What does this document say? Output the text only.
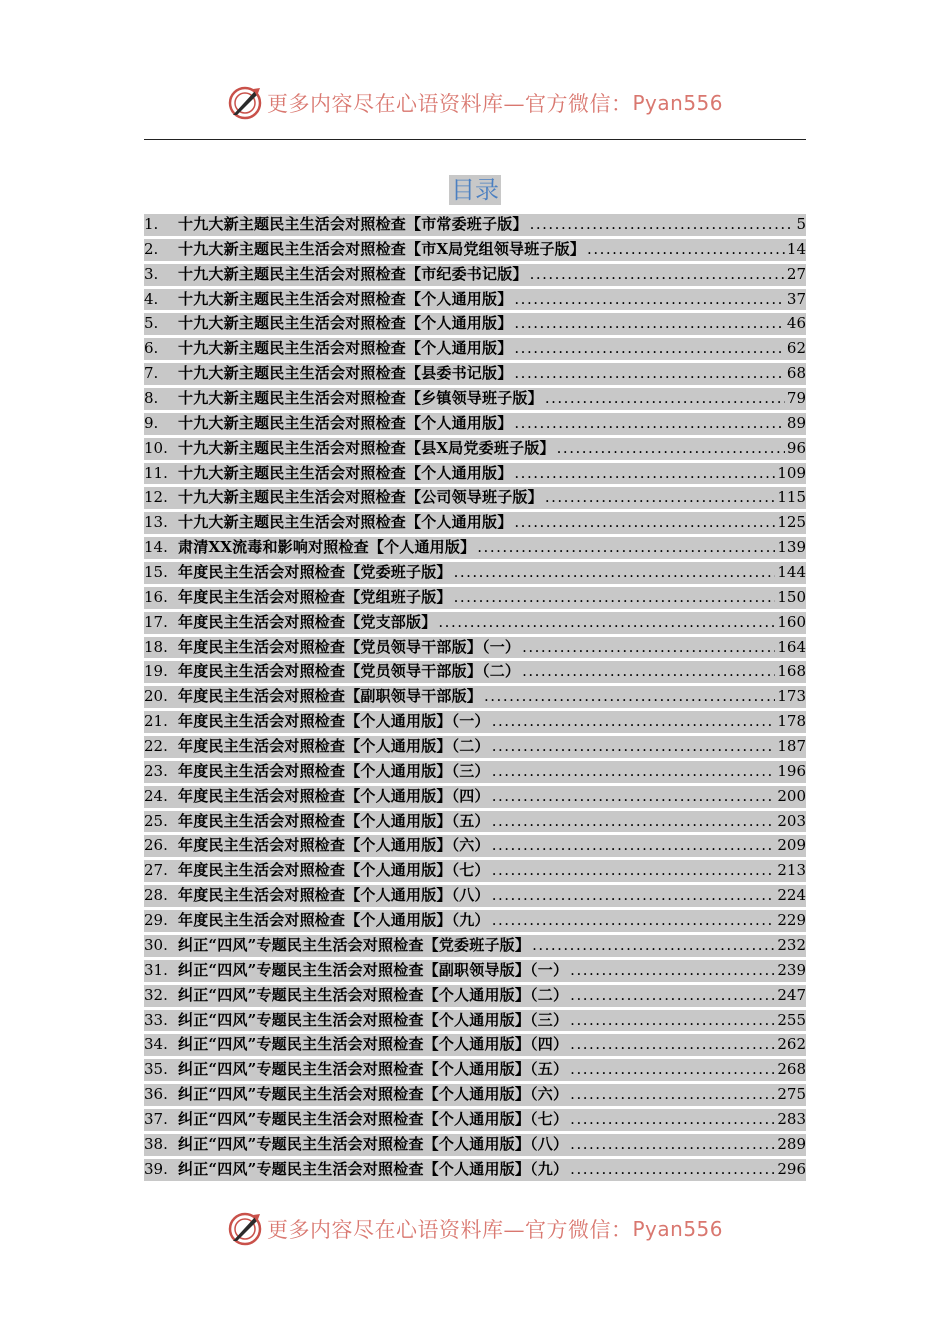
更多内容尽在心语资料库—官方微信： Pyan556
目录
1.	十九大新主题民主生活会对照检查【市常委班子版】 .....	5
2.	十九大新主题民主生活会对照检查【市X局党组领导班子版】 .....	14
3.	十九大新主题民主生活会对照检查【市纪委书记版】 .....	27
4.	十九大新主题民主生活会对照检查【个人通用版】 .....	37
5.	十九大新主题民主生活会对照检查【个人通用版】 .....	46
6.	十九大新主题民主生活会对照检查【个人通用版】 .....	62
7.	十九大新主题民主生活会对照检查【县委书记版】 .....	68
8.	十九大新主题民主生活会对照检查【乡镇领导班子版】 .....	79
9.	十九大新主题民主生活会对照检查【个人通用版】 .....	89
10. 十九大新主题民主生活会对照检查【县X局党委班子版】 .....	96
11. 十九大新主题民主生活会对照检查【个人通用版】 .....	109
12. 十九大新主题民主生活会对照检查【公司领导班子版】 .....	115
13. 十九大新主题民主生活会对照检查【个人通用版】 .....	125
14. 肃清XX流毒和影响对照检查【个人通用版】 .....	139
15. 年度民主生活会对照检查【党委班子版】 .....	144
16. 年度民主生活会对照检查【党组班子版】 .....	150
17. 年度民主生活会对照检查【党支部版】 .....	160
18. 年度民主生活会对照检查【党员领导干部版】（一） .....	164
19. 年度民主生活会对照检查【党员领导干部版】（二） .....	168
20. 年度民主生活会对照检查【副职领导干部版】 .....	173
21. 年度民主生活会对照检查【个人通用版】（一） .....	178
22. 年度民主生活会对照检查【个人通用版】（二） .....	187
23. 年度民主生活会对照检查【个人通用版】（三） .....	196
24. 年度民主生活会对照检查【个人通用版】（四） .....	200
25. 年度民主生活会对照检查【个人通用版】（五） .....	203
26. 年度民主生活会对照检查【个人通用版】（六） .....	209
27. 年度民主生活会对照检查【个人通用版】（七） .....	213
28. 年度民主生活会对照检查【个人通用版】（八） .....	224
29. 年度民主生活会对照检查【个人通用版】（九） .....	229
30. 纠正“四风”专题民主生活会对照检查【党委班子版】 .....	232
31. 纠正“四风”专题民主生活会对照检查【副职领导版】（一） .....	239
32. 纠正“四风”专题民主生活会对照检查【个人通用版】（二） .....	247
33. 纠正“四风”专题民主生活会对照检查【个人通用版】（三） .....	255
34. 纠正“四风”专题民主生活会对照检查【个人通用版】（四） .....	262
35. 纠正“四风”专题民主生活会对照检查【个人通用版】（五） .....	268
36. 纠正“四风”专题民主生活会对照检查【个人通用版】（六） .....	275
37. 纠正“四风”专题民主生活会对照检查【个人通用版】（七） .....	283
38. 纠正“四风”专题民主生活会对照检查【个人通用版】（八） .....	289
39. 纠正“四风”专题民主生活会对照检查【个人通用版】（九） .....	296
更多内容尽在心语资料库—官方微信： Pyan556
